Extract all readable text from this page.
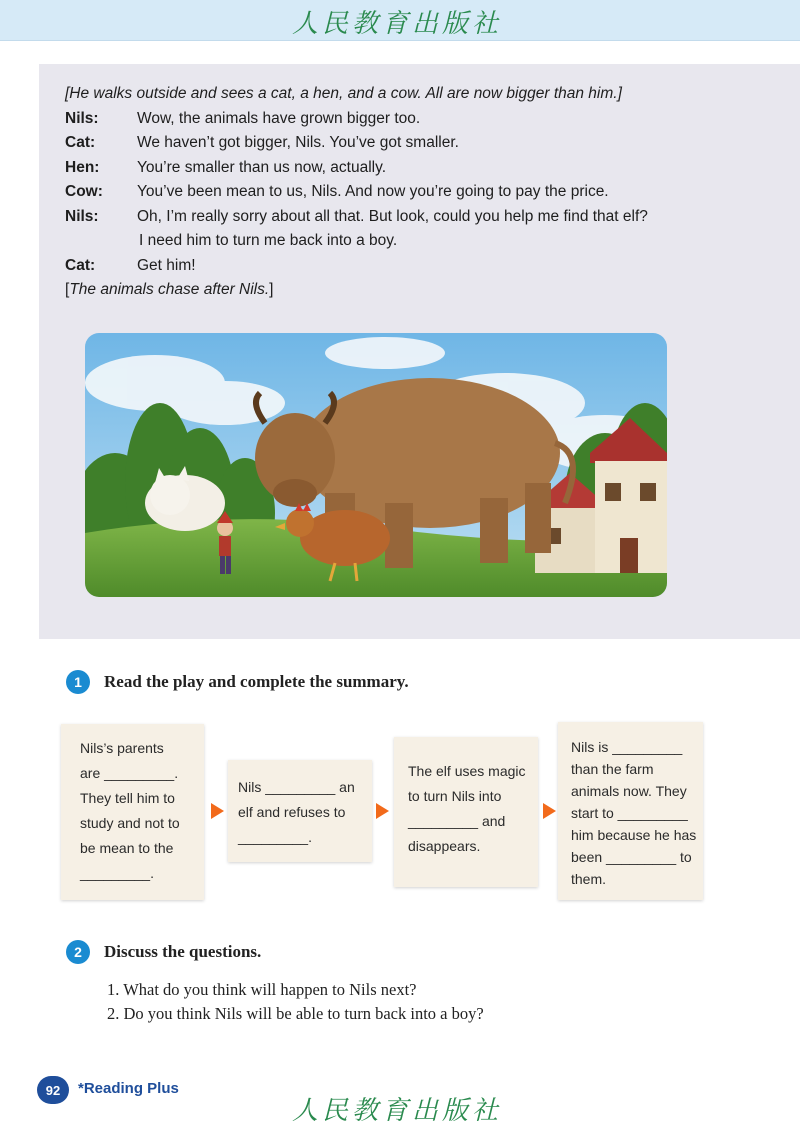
人民教育出版社
[He walks outside and sees a cat, a hen, and a cow. All are now bigger than him.]
Nils:	Wow, the animals have grown bigger too.
Cat:	We haven’t got bigger, Nils. You’ve got smaller.
Hen:	You’re smaller than us now, actually.
Cow:	You’ve been mean to us, Nils. And now you’re going to pay the price.
Nils:	Oh, I’m really sorry about all that. But look, could you help me find that elf?
I need him to turn me back into a boy.
Cat:	Get him!
[The animals chase after Nils.]
1	Read the play and complete the summary.
Nils’s parents
are _________.
They tell him to
study and not to
be mean to the
_________.
Nils _________ an
elf and refuses to
_________.
The elf uses magic
to turn Nils into
_________ and
disappears.
Nils is _________
than the farm
animals now. They
start to _________
him because he has
been _________ to
them.
2	Discuss the questions.
1. What do you think will happen to Nils next?
2. Do you think Nils will be able to turn back into a boy?
92	*Reading Plus
人民教育出版社
